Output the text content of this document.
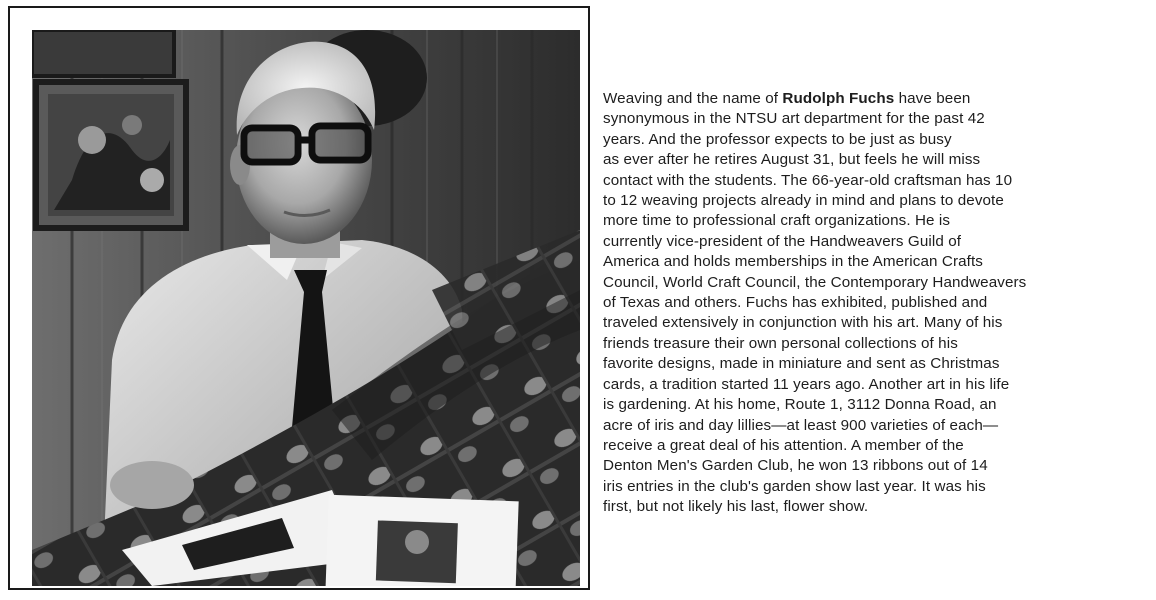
Weaving and the name of Rudolph Fuchs have been
synonymous in the NTSU art department for the past 42
years. And the professor expects to be just as busy
as ever after he retires August 31, but feels he will miss
contact with the students. The 66-year-old craftsman has 10
to 12 weaving projects already in mind and plans to devote
more time to professional craft organizations. He is
currently vice-president of the Handweavers Guild of
America and holds memberships in the American Crafts
Council, World Craft Council, the Contemporary Handweavers
of Texas and others. Fuchs has exhibited, published and
traveled extensively in conjunction with his art. Many of his
friends treasure their own personal collections of his
favorite designs, made in miniature and sent as Christmas
cards, a tradition started 11 years ago. Another art in his life
is gardening. At his home, Route 1, 3112 Donna Road, an
acre of iris and day lillies—at least 900 varieties of each—
receive a great deal of his attention. A member of the
Denton Men's Garden Club, he won 13 ribbons out of 14
iris entries in the club's garden show last year. It was his
first, but not likely his last, flower show.
